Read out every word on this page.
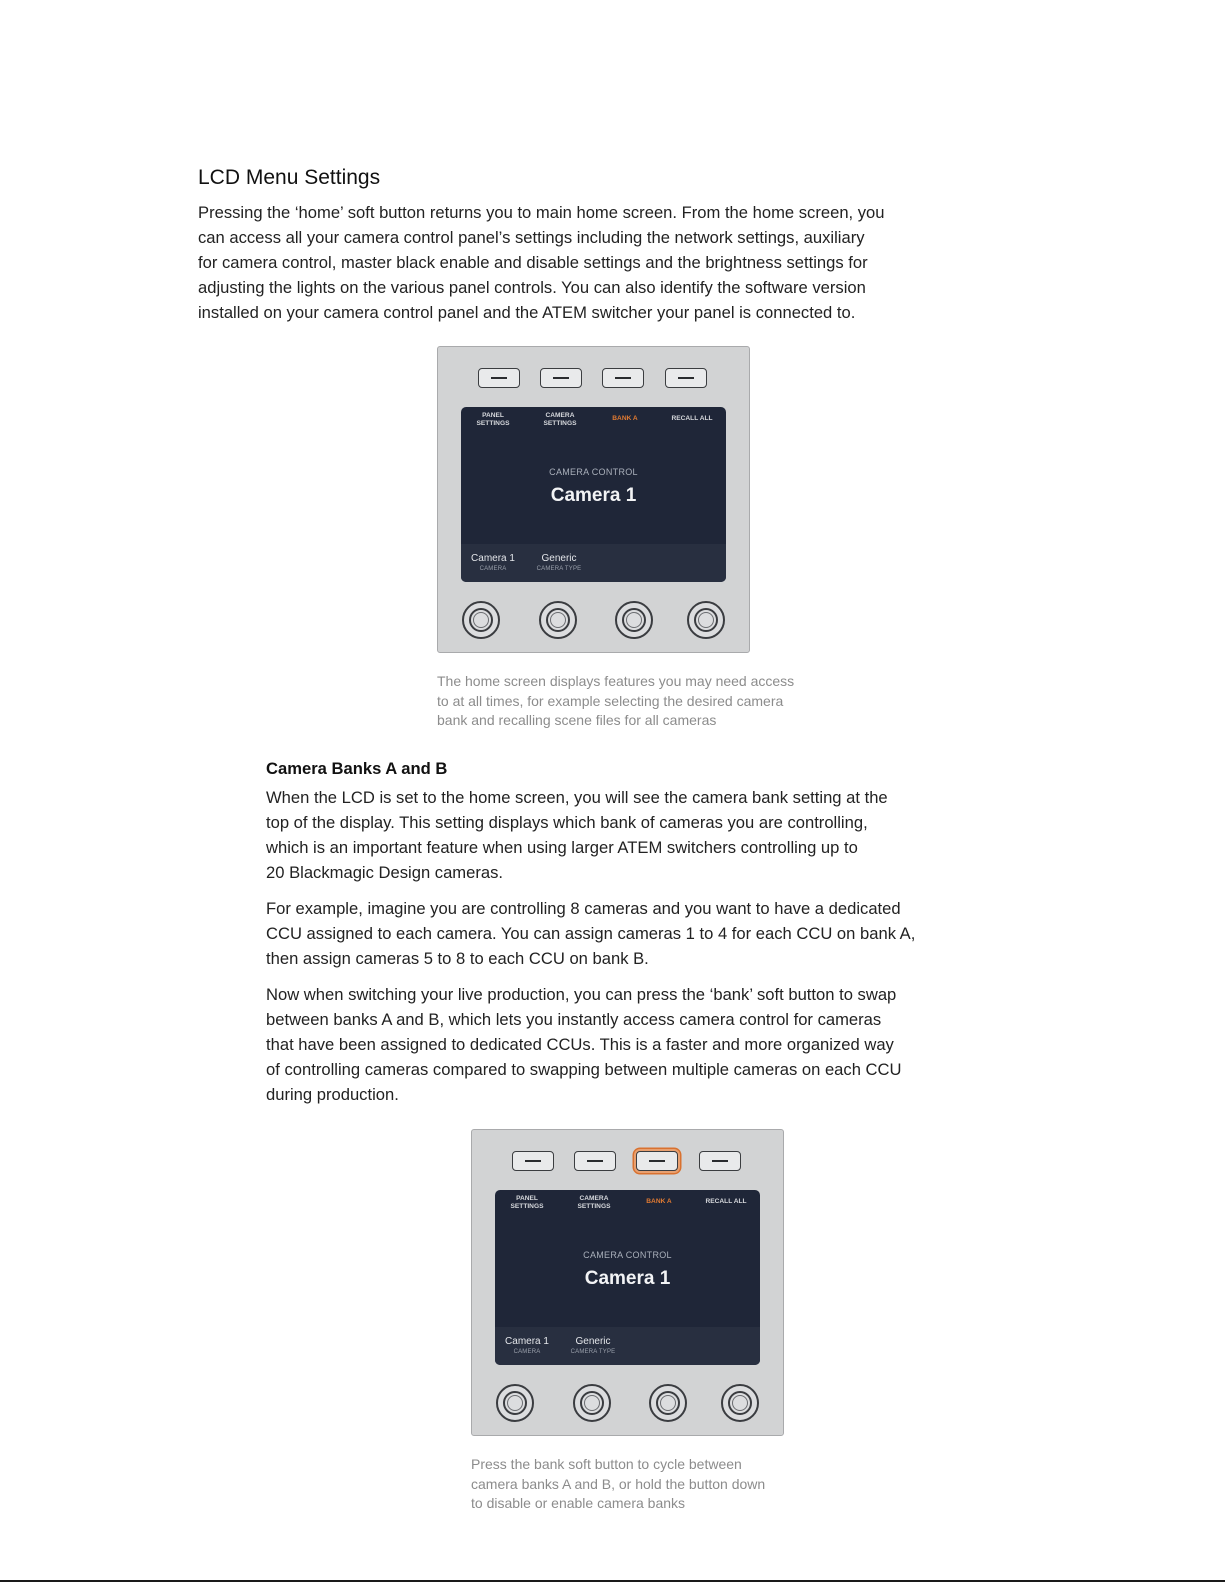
LCD Menu Settings

Pressing the ‘home’ soft button returns you to main home screen. From the home screen, you
can access all your camera control panel’s settings including the network settings, auxiliary
for camera control, master black enable and disable settings and the brightness settings for
adjusting the lights on the various panel controls. You can also identify the software version
installed on your camera control panel and the ATEM switcher your panel is connected to.

PANEL
SETTINGS
CAMERA
SETTINGS
BANK A	RECALL ALL
CAMERA CONTROL
Camera 1
Camera 1
CAMERA
Generic
CAMERA TYPE

The home screen displays features you may need access
to at all times, for example selecting the desired camera
bank and recalling scene files for all cameras

Camera Banks A and B

When the LCD is set to the home screen, you will see the camera bank setting at the
top of the display. This setting displays which bank of cameras you are controlling,
which is an important feature when using larger ATEM switchers controlling up to
20 Blackmagic Design cameras.

For example, imagine you are controlling 8 cameras and you want to have a dedicated
CCU assigned to each camera. You can assign cameras 1 to 4 for each CCU on bank A,
then assign cameras 5 to 8 to each CCU on bank B.

Now when switching your live production, you can press the ‘bank’ soft button to swap
between banks A and B, which lets you instantly access camera control for cameras
that have been assigned to dedicated CCUs. This is a faster and more organized way
of controlling cameras compared to swapping between multiple cameras on each CCU
during production.

PANEL
SETTINGS
CAMERA
SETTINGS
BANK A	RECALL ALL
CAMERA CONTROL
Camera 1
Camera 1
CAMERA
Generic
CAMERA TYPE

Press the bank soft button to cycle between
camera banks A and B, or hold the button down
to disable or enable camera banks
